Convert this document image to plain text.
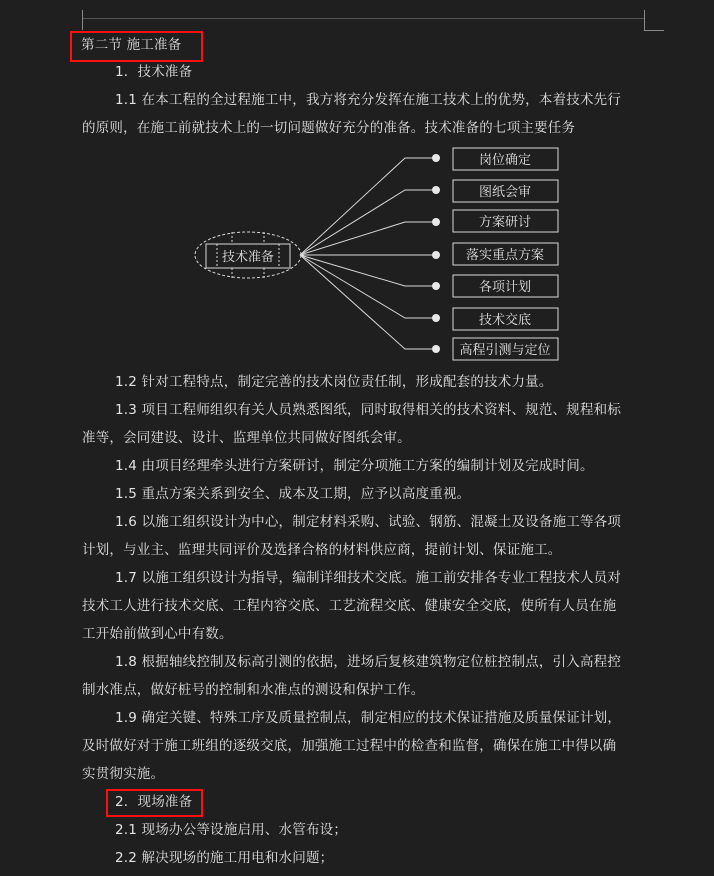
第二节 施工准备
1．技术准备
1.1 在本工程的全过程施工中，我方将充分发挥在施工技术上的优势，本着技术先行
的原则，在施工前就技术上的一切问题做好充分的准备。技术准备的七项主要任务
技术准备
岗位确定
图纸会审
方案研讨
落实重点方案
各项计划
技术交底
高程引测与定位
1.2 针对工程特点，制定完善的技术岗位责任制，形成配套的技术力量。
1.3 项目工程师组织有关人员熟悉图纸，同时取得相关的技术资料、规范、规程和标
准等，会同建设、设计、监理单位共同做好图纸会审。
1.4 由项目经理牵头进行方案研讨，制定分项施工方案的编制计划及完成时间。
1.5 重点方案关系到安全、成本及工期，应予以高度重视。
1.6 以施工组织设计为中心，制定材料采购、试验、钢筋、混凝土及设备施工等各项
计划，与业主、监理共同评价及选择合格的材料供应商，提前计划、保证施工。
1.7 以施工组织设计为指导，编制详细技术交底。施工前安排各专业工程技术人员对
技术工人进行技术交底、工程内容交底、工艺流程交底、健康安全交底，使所有人员在施
工开始前做到心中有数。
1.8 根据轴线控制及标高引测的依据，进场后复核建筑物定位桩控制点，引入高程控
制水准点，做好桩号的控制和水准点的测设和保护工作。
1.9 确定关键、特殊工序及质量控制点，制定相应的技术保证措施及质量保证计划，
及时做好对于施工班组的逐级交底，加强施工过程中的检查和监督，确保在施工中得以确
实贯彻实施。
2．现场准备
2.1 现场办公等设施启用、水管布设；
2.2 解决现场的施工用电和水问题；
